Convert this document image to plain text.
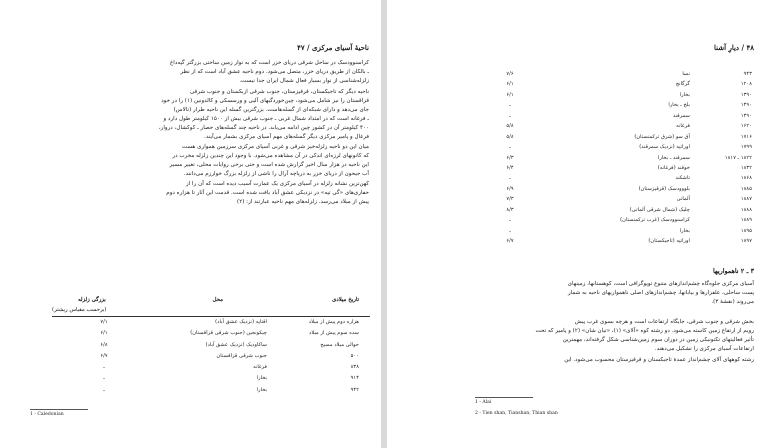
ناحیهٔ آسیای مرکزی / ۴۷
کراسنوودسک در ساحل شرقی دریای خزر است که به نوار زمین ساختی بزرگتر گپه‌داغ
ـ بالکان از طریق دریای خزر، متصل می‌شود. دوم ناحیه عشق آباد است که از نظر
زلزله‌شناسی از نوار بسیار فعال شمال ایران جدا نیست.
ناحیه دیگر که تاجیکستان، قرقیزستان، جنوب شرقی ازبکستان و جنوب شرقی
قزاقستان را نیز شامل می‌شود، چین‌خوردگیهای آلپی و ورسسکی و کالدونین (۱) را در خود
جای می‌دهد و دارای شبکه‌ای از گسله‌هاست. بزرگترین گسله این ناحیه طرار (تالاس)
ـ فرغانه است که در امتداد شمال غربی ـ جنوب شرقی بیش از ۱۵۰۰ کیلومتر طول دارد و
۴۰۰ کیلومتر آن در کشور چین ادامه می‌یابد. در ناحیه چند گسله‌های حصار ـ کوکشال، دروار،
فرغال و پامیر مرکزی دیگر گسله‌های مهم آسیای مرکزی بشمار می‌آیند.
میان این دو ناحیه زلزله‌خیز شرقی و غربی آسیای مرکزی سرزمین همواری هست
که کانونهای لرزه‌ای اندکی در آن مشاهده می‌شود. با وجود این چندین زلزله مخرب در
این ناحیه در هزار سال اخیر گزارش شده است و حتی برخی روایات محلی، تغییر مسیر
آب جیحون از دریای خزر به دریاچه آرال را ناشی از زلزله بزرگ خوارزم می‌دانند.
کهن‌ترین نشانه زلزله در آسیای مرکزی یک عمارت آسیب دیده است که آن را از
حفاری‌های «گی تپه» در نزدیکی عشق آباد یافت شده است. قدمت این آثار تا هزاره دوم
پیش از میلاد می‌رسد. زلزله‌های مهم ناحیه عبارتند از: (۲)
تاریخ میلادی
محل
بزرگی زلزله
(برحسب مقیاس ریشتر)
هزاره دوم پیش از میلاد
سده سوم پیش از میلاد
حوالی میلاد مسیح
۵۰۰
۸۳۸
۹۱۴
۹۴۲
اقتاپه (نزدیک عشق آباد)
چیکونجین (جنوب شرقی قزاقستان)
ساکاودیک (نزدیک عشق آباد)
جنوب شرقی قزاقستان
فرغانه
بخارا
بخارا
۷/۱
۶/۱
۶/۸
۶/۷
ـ
ـ
ـ
1 - Caledonian
۴۸ / دیارِ آشنا
۹۴۳
۱۲۰۸
۱۳۹۰
۱۴۹۰
۱۴۹۰
۱۶۲۰
۱۷۱۶
۱۷۹۹
۱۸۲۲ ـ ۱۸۱۷
۱۸۳۲
۱۸۶۸
۱۸۸۵
۱۸۸۷
۱۸۸۸
۱۸۸۹
۱۸۹۵
۱۸۹۷
نسا
گرگانج
بخارا
بلخ ـ بخارا
سمرقند
فرغانه
آق سو (شرق ترکمنستان)
اوراتپه (نزدیک سمرقند)
سمرقند ـ بخارا
خوقند (فرغانه)
تاشکند
بلووودسک (قرقیزستان)
آلماتی
چلیک (شمال شرقی آلماتی)
کراسنوودسک (غرب ترکمنستان)
بخارا
اوراتپه (تاجیکستان)
۷/۶
۶/۱
۶/۱
ـ
ـ
۵/۸
۵/۸
ـ
۶/۳
۶/۴
ـ
۶/۹
۷/۳
۸/۳
ـ
ـ
۶/۷
۳ ـ ۲ ناهمواریها
آسیای مرکزی جلوه‌گاه چشم‌اندازهای متنوع توپوگرافی است، کوهستانها، زمینهای
پست ساحلی، علفزارها و بیابانها، چشم‌اندازهای اصلی ناهمواریهای ناحیه به شمار
می‌روند (نقشهٔ ۳).
بخش شرقی و جنوب شرقی، جایگاه ارتفاعات است و هرچه بسوی غرب پیش
رویم از ارتفاع زمین کاسته می‌شود. دو رشته کوه «آلای» (۱)، «تیان شان» (۲) و پامیر که تحت
تأثیر فعالیتهای تکتونیکی زمین در دوران سوم زمین‌شناسی شکل گرفته‌اند، مهمترین
ارتفاعات آسیای مرکزی را تشکیل می‌دهند.
رشته کوههای آلای چشم‌انداز عمدهٔ تاجیکستان و قرقیزستان محسوب می‌شود. این
1 - Alai
2 - Tien shan, Tianshan, Thian shan
